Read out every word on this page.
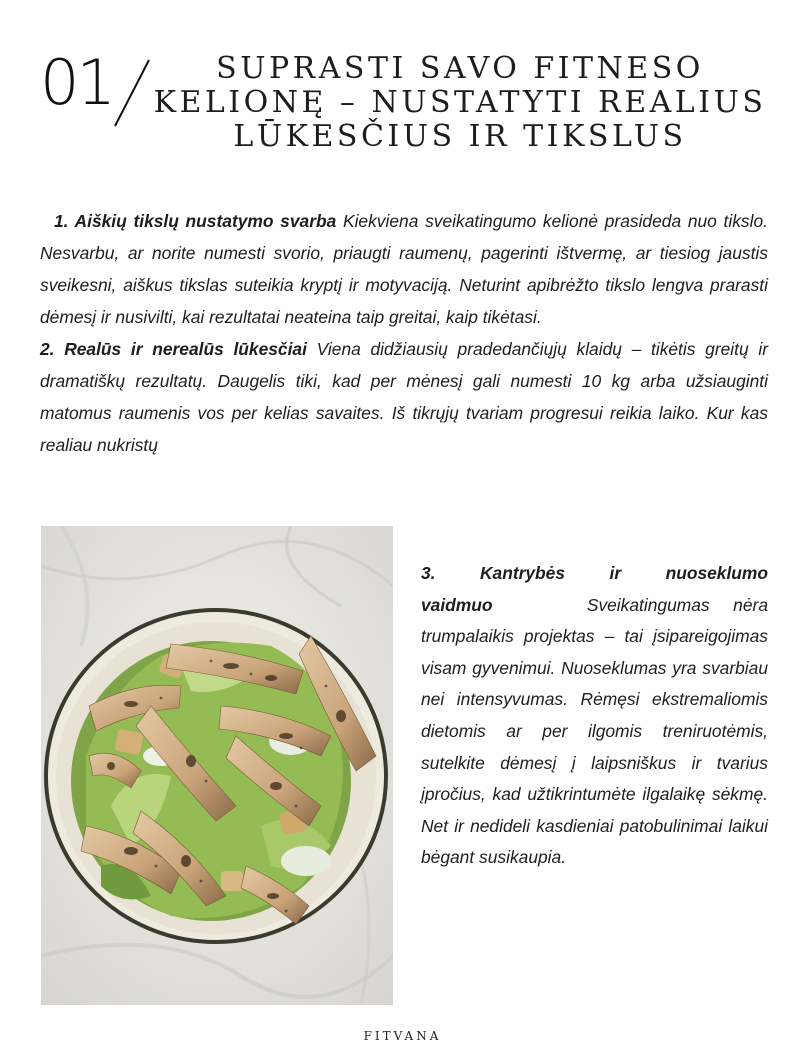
01	SUPRASTI SAVO FITNESO
KELIONĘ – NUSTATYTI REALIUS
LŪKESČIUS IR TIKSLUS

1. Aiškių tikslų nustatymo svarba Kiekviena sveikatingumo kelionė prasideda nuo tikslo. Nesvarbu, ar norite numesti svorio, priaugti raumenų, pagerinti ištvermę, ar tiesiog jaustis sveikesni, aiškus tikslas suteikia kryptį ir motyvaciją. Neturint apibrėžto tikslo lengva prarasti dėmesį ir nusivilti, kai rezultatai neateina taip greitai, kaip tikėtasi.

2. Realūs ir nerealūs lūkesčiai Viena didžiausių pradedančiųjų klaidų – tikėtis greitų ir dramatiškų rezultatų. Daugelis tiki, kad per mėnesį gali numesti 10 kg arba užsiauginti matomus raumenis vos per kelias savaites. Iš tikrųjų tvariam progresui reikia laiko. Kur kas realiau nukristų

3. Kantrybės ir nuoseklumo vaidmuo	Sveikatingumas nėra trumpalaikis projektas – tai įsipareigojimas visam gyvenimui. Nuoseklumas yra svarbiau nei intensyvumas. Rėmęsi ekstremaliomis dietomis ar per ilgomis treniruotėmis, sutelkite dėmesį į laipsniškus ir tvarius įpročius, kad užtikrintumėte ilgalaikę sėkmę. Net ir nedideli kasdieniai patobulinimai laikui bėgant susikaupia.

FITVANA
